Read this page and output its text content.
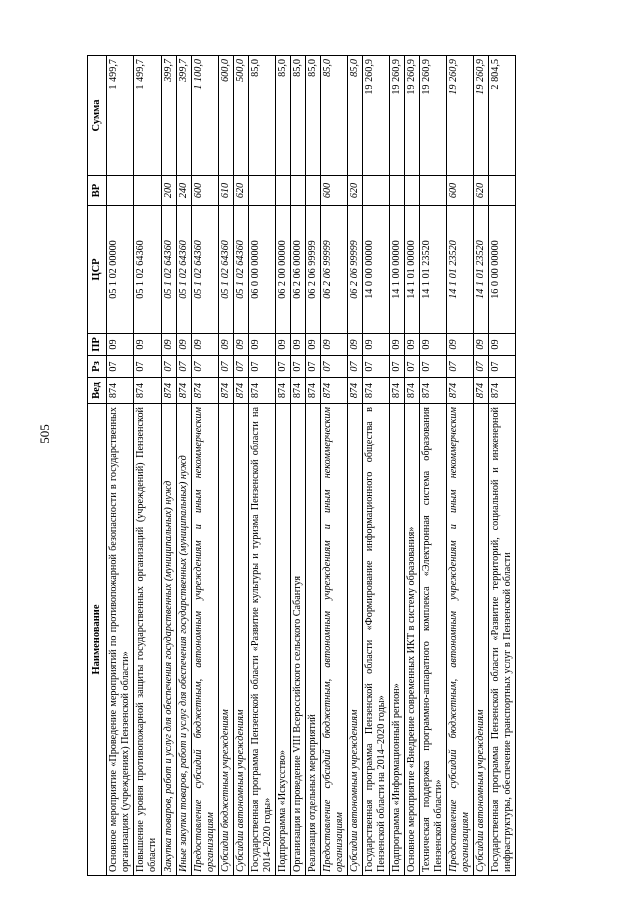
505
Наименование	Вед	Рз	ПР	ЦСР	ВР	Сумма
Основное мероприятие «Проведение мероприятий по противопожарной безопасности в государственных организациях (учреждениях) Пензенской области»	874	07	09	05 1 02 00000		1 499,7
Повышение уровня противопожарной защиты государственных организаций (учреждений) Пензенской области	874	07	09	05 1 02 64360		1 499,7
Закупка товаров, работ и услуг для обеспечения государственных (муниципальных) нужд	874	07	09	05 1 02 64360	200	399,7
Иные закупки товаров, работ и услуг для обеспечения государственных (муниципальных) нужд	874	07	09	05 1 02 64360	240	399,7
Предоставление субсидий бюджетным, автономным учреждениям и иным некоммерческим организациям	874	07	09	05 1 02 64360	600	1 100,0
Субсидии бюджетным учреждениям	874	07	09	05 1 02 64360	610	600,0
Субсидии автономным учреждениям	874	07	09	05 1 02 64360	620	500,0
Государственная программа Пензенской области «Развитие культуры и туризма Пензенской области на 2014–2020 годы»	874	07	09	06 0 00 00000		85,0
Подпрограмма «Искусство»	874	07	09	06 2 00 00000		85,0
Организация и проведение VIII Всероссийского сельского Сабантуя	874	07	09	06 2 06 00000		85,0
Реализация отдельных мероприятий	874	07	09	06 2 06 99999		85,0
Предоставление субсидий бюджетным, автономным учреждениям и иным некоммерческим организациям	874	07	09	06 2 06 99999	600	85,0
Субсидии автономным учреждениям	874	07	09	06 2 06 99999	620	85,0
Государственная программа Пензенской области «Формирование информационного общества в Пензенской области на 2014–2020 годы»	874	07	09	14 0 00 00000		19 260,9
Подпрограмма «Информационный регион»	874	07	09	14 1 00 00000		19 260,9
Основное мероприятие «Внедрение современных ИКТ в систему образования»	874	07	09	14 1 01 00000		19 260,9
Техническая поддержка программно-аппаратного комплекса «Электронная система образования Пензенской области»	874	07	09	14 1 01 23520		19 260,9
Предоставление субсидий бюджетным, автономным учреждениям и иным некоммерческим организациям	874	07	09	14 1 01 23520	600	19 260,9
Субсидии автономным учреждениям	874	07	09	14 1 01 23520	620	19 260,9
Государственная программа Пензенской области «Развитие территорий, социальной и инженерной инфраструктуры, обеспечение транспортных услуг в Пензенской области	874	07	09	16 0 00 00000		2 804,5
